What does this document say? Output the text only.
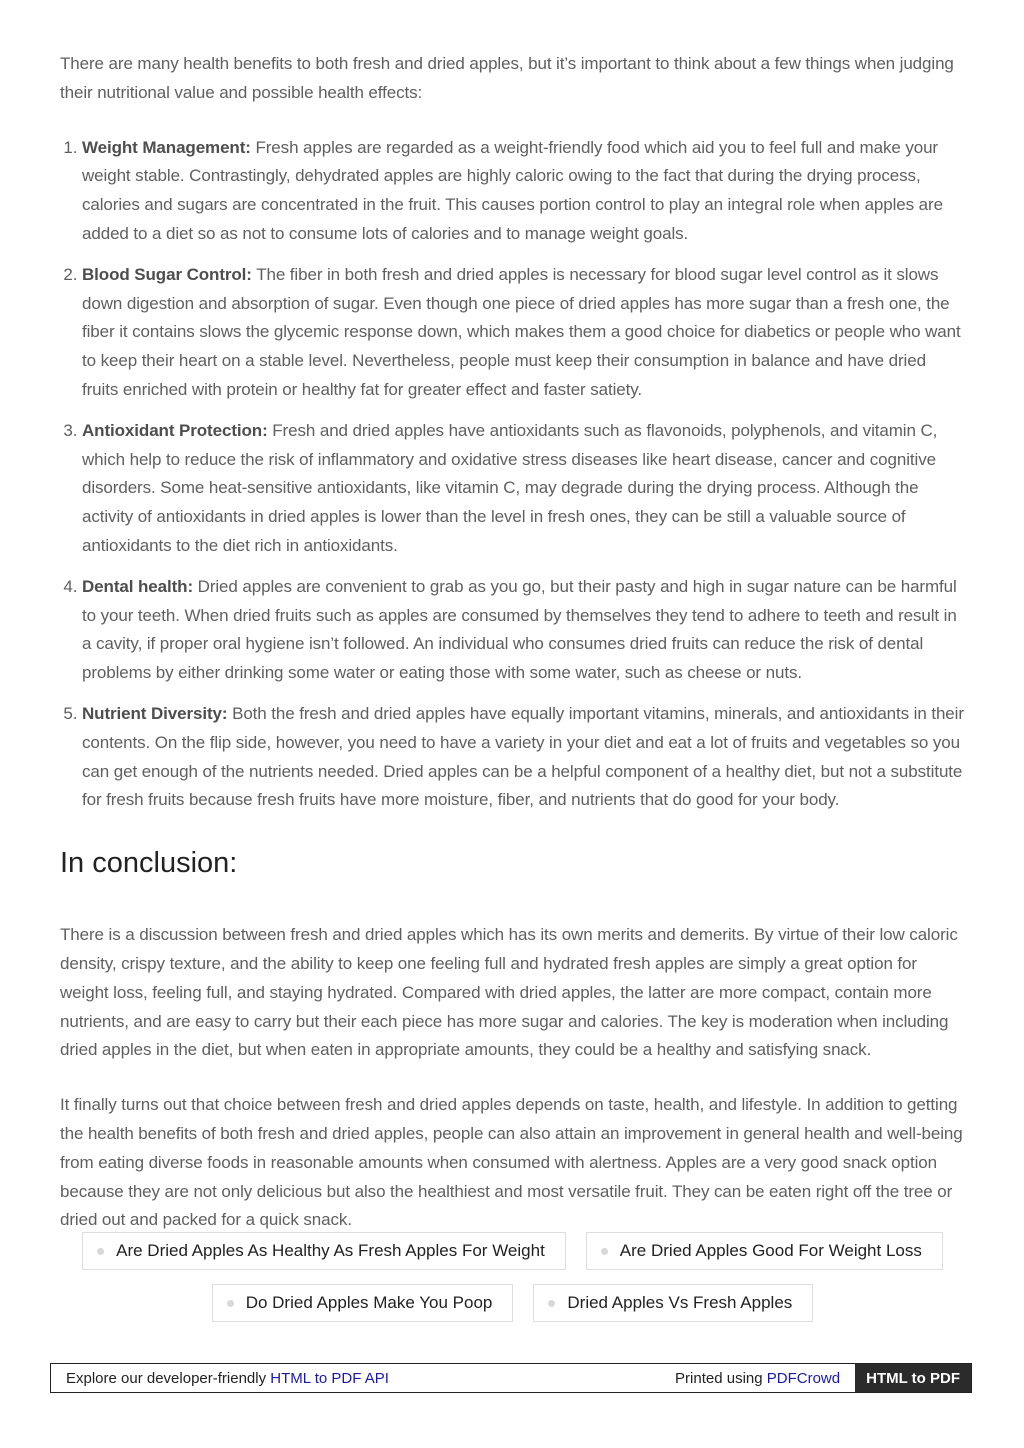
There are many health benefits to both fresh and dried apples, but it’s important to think about a few things when judging their nutritional value and possible health effects:

1. Weight Management: Fresh apples are regarded as a weight-friendly food which aid you to feel full and make your weight stable. Contrastingly, dehydrated apples are highly caloric owing to the fact that during the drying process, calories and sugars are concentrated in the fruit. This causes portion control to play an integral role when apples are added to a diet so as not to consume lots of calories and to manage weight goals.
2. Blood Sugar Control: The fiber in both fresh and dried apples is necessary for blood sugar level control as it slows down digestion and absorption of sugar. Even though one piece of dried apples has more sugar than a fresh one, the fiber it contains slows the glycemic response down, which makes them a good choice for diabetics or people who want to keep their heart on a stable level. Nevertheless, people must keep their consumption in balance and have dried fruits enriched with protein or healthy fat for greater effect and faster satiety.
3. Antioxidant Protection: Fresh and dried apples have antioxidants such as flavonoids, polyphenols, and vitamin C, which help to reduce the risk of inflammatory and oxidative stress diseases like heart disease, cancer and cognitive disorders. Some heat-sensitive antioxidants, like vitamin C, may degrade during the drying process. Although the activity of antioxidants in dried apples is lower than the level in fresh ones, they can be still a valuable source of antioxidants to the diet rich in antioxidants.
4. Dental health: Dried apples are convenient to grab as you go, but their pasty and high in sugar nature can be harmful to your teeth. When dried fruits such as apples are consumed by themselves they tend to adhere to teeth and result in a cavity, if proper oral hygiene isn’t followed. An individual who consumes dried fruits can reduce the risk of dental problems by either drinking some water or eating those with some water, such as cheese or nuts.
5. Nutrient Diversity: Both the fresh and dried apples have equally important vitamins, minerals, and antioxidants in their contents. On the flip side, however, you need to have a variety in your diet and eat a lot of fruits and vegetables so you can get enough of the nutrients needed. Dried apples can be a helpful component of a healthy diet, but not a substitute for fresh fruits because fresh fruits have more moisture, fiber, and nutrients that do good for your body.
In conclusion:

There is a discussion between fresh and dried apples which has its own merits and demerits. By virtue of their low caloric density, crispy texture, and the ability to keep one feeling full and hydrated fresh apples are simply a great option for weight loss, feeling full, and staying hydrated. Compared with dried apples, the latter are more compact, contain more nutrients, and are easy to carry but their each piece has more sugar and calories. The key is moderation when including dried apples in the diet, but when eaten in appropriate amounts, they could be a healthy and satisfying snack.

It finally turns out that choice between fresh and dried apples depends on taste, health, and lifestyle. In addition to getting the health benefits of both fresh and dried apples, people can also attain an improvement in general health and well-being from eating diverse foods in reasonable amounts when consumed with alertness. Apples are a very good snack option because they are not only delicious but also the healthiest and most versatile fruit. They can be eaten right off the tree or dried out and packed for a quick snack.

Are Dried Apples As Healthy As Fresh Apples For Weight	Are Dried Apples Good For Weight Loss
Do Dried Apples Make You Poop	Dried Apples Vs Fresh Apples
Explore our developer-friendly HTML to PDF API	Printed using PDFCrowd	HTML to PDF
